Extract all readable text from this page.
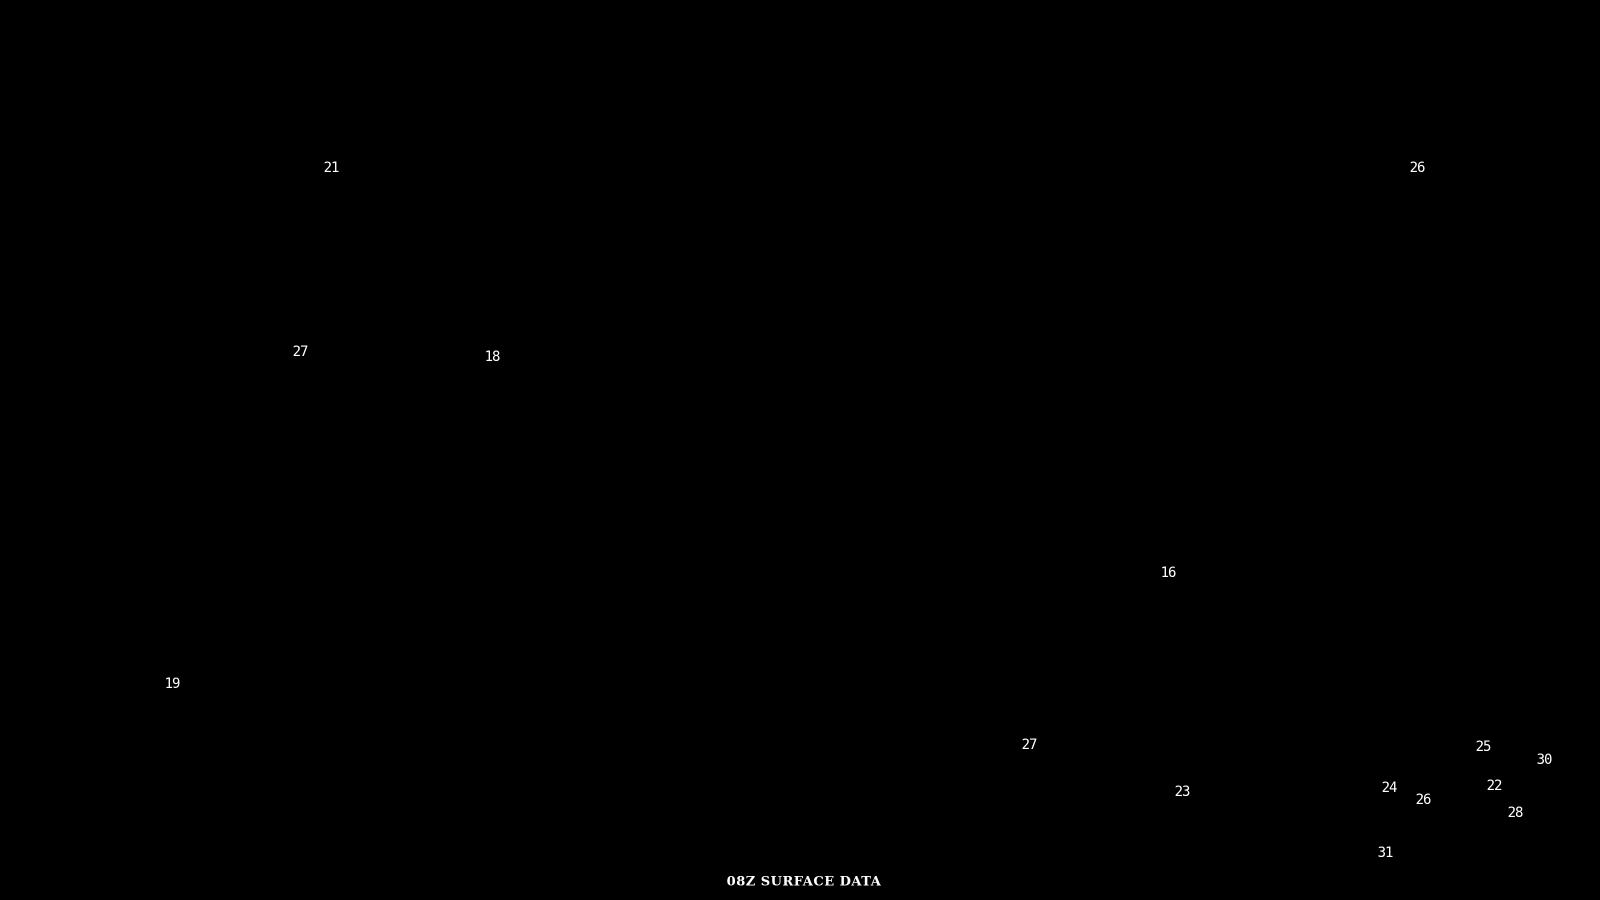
21	26
27	18
16
19
27	25
30
23	24	22
26
28
31
08Z SURFACE DATA
